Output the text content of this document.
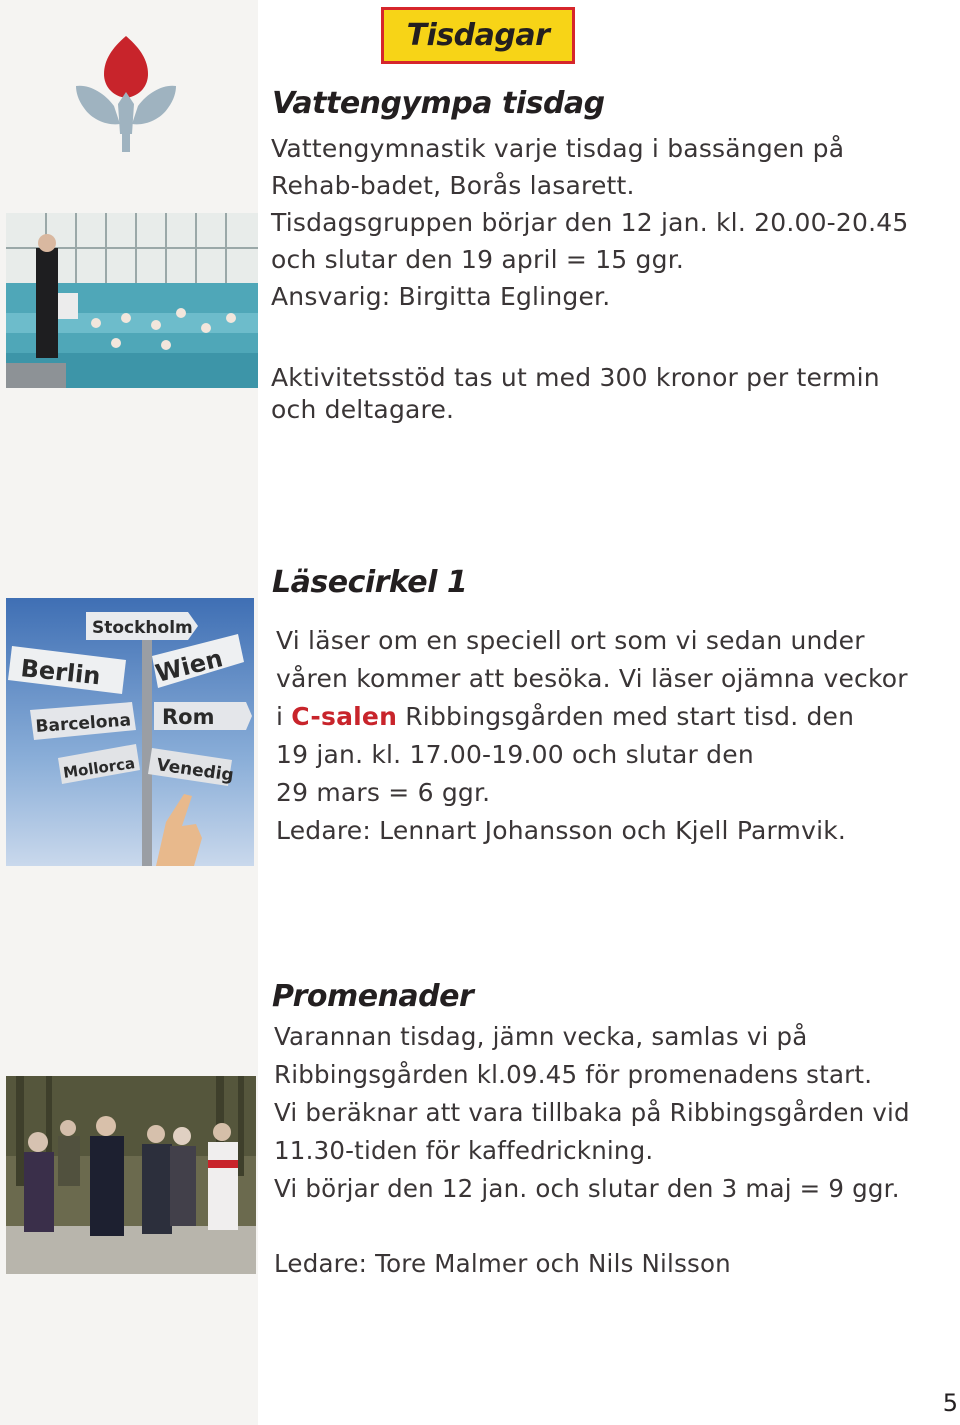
Tisdagar
Stockholm
Berlin Wien
Barcelona Rom
Mollorca Venedig
Vattengympa tisdag
Vattengymnastik varje tisdag i bassängen på
Rehab-badet, Borås lasarett.
Tisdagsgruppen börjar den 12 jan. kl. 20.00-20.45
och slutar den 19 april = 15 ggr.
Ansvarig: Birgitta Eglinger.
Aktivitetsstöd tas ut med 300 kronor per termin
och deltagare.
Läsecirkel 1
Vi läser om en speciell ort som vi sedan under
våren kommer att besöka. Vi läser ojämna veckor
i C-salen Ribbingsgården med start tisd. den
19 jan. kl. 17.00-19.00 och slutar den
29 mars = 6 ggr.
Ledare: Lennart Johansson och Kjell Parmvik.
Promenader
Varannan tisdag, jämn vecka, samlas vi på
Ribbingsgården kl.09.45 för promenadens start.
Vi beräknar att vara tillbaka på Ribbingsgården vid
11.30-tiden för kaffedrickning.
Vi börjar den 12 jan. och slutar den 3 maj = 9 ggr.
Ledare: Tore Malmer och Nils Nilsson
5
